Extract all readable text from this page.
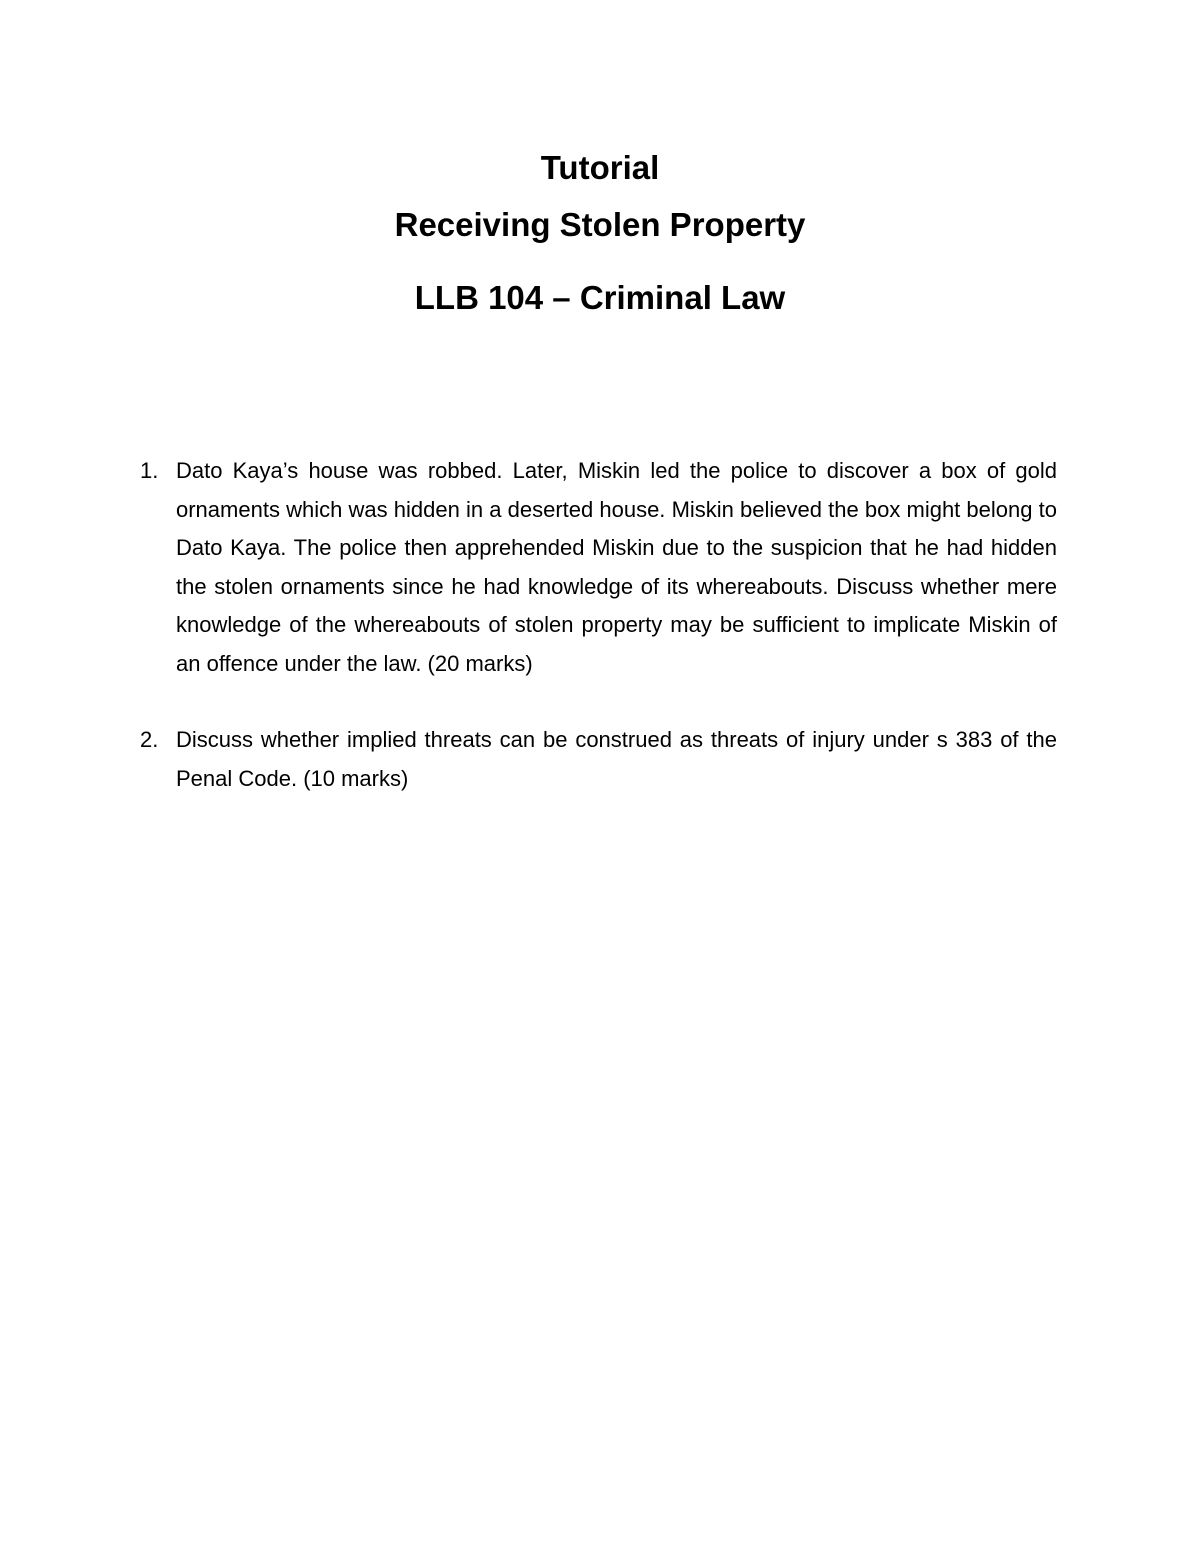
Tutorial
Receiving Stolen Property
LLB 104 – Criminal Law
1. Dato Kaya’s house was robbed. Later, Miskin led the police to discover a box of gold ornaments which was hidden in a deserted house. Miskin believed the box might belong to Dato Kaya. The police then apprehended Miskin due to the suspicion that he had hidden the stolen ornaments since he had knowledge of its whereabouts. Discuss whether mere knowledge of the whereabouts of stolen property may be sufficient to implicate Miskin of an offence under the law. (20 marks)
2. Discuss whether implied threats can be construed as threats of injury under s 383 of the Penal Code. (10 marks)
